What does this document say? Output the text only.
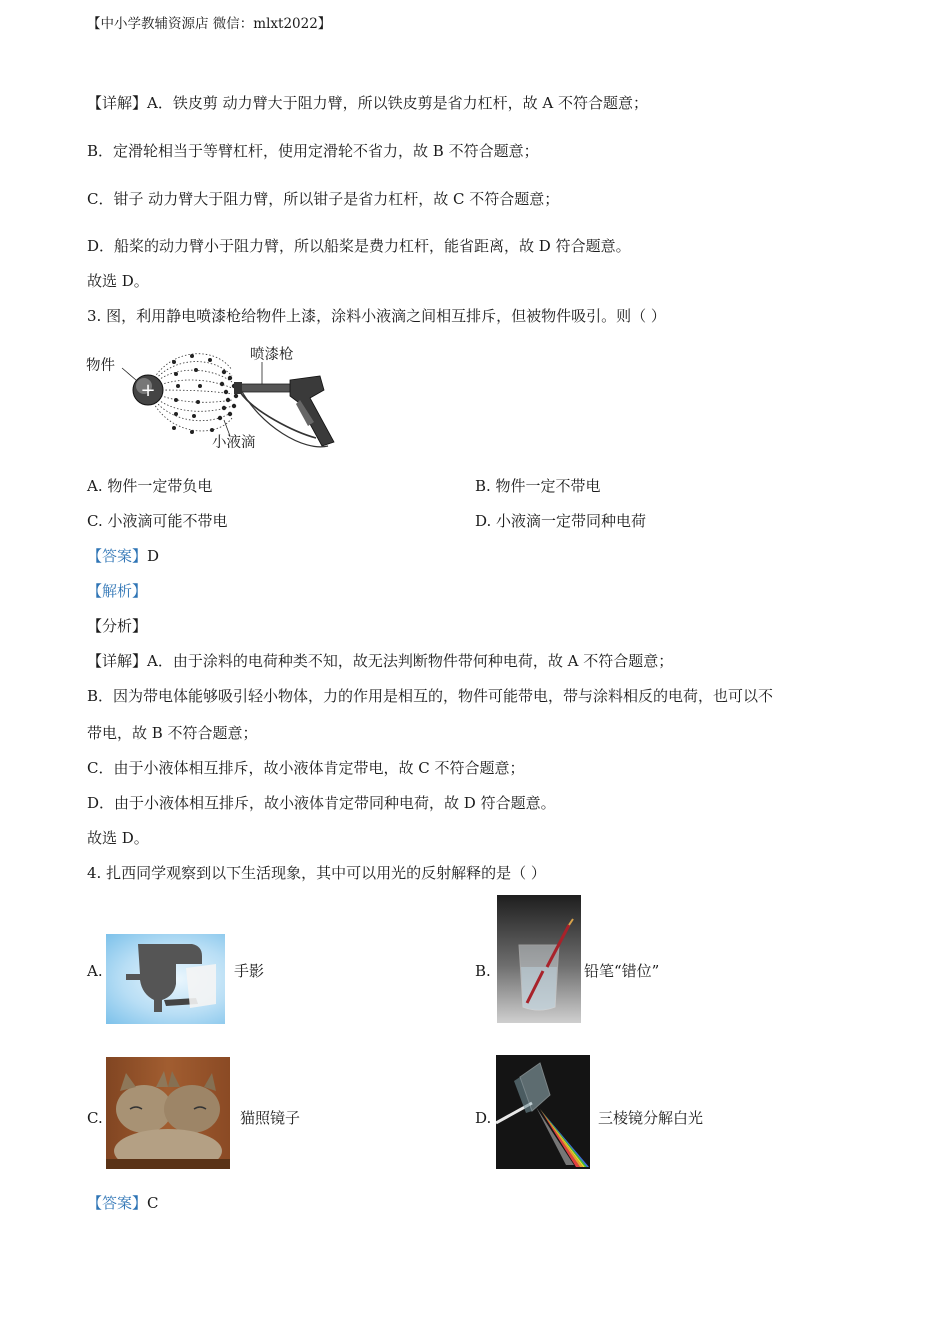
【中小学教辅资源店 微信：mlxt2022】
【详解】A．铁皮剪 动力臂大于阻力臂，所以铁皮剪是省力杠杆，故 A 不符合题意；
B．定滑轮相当于等臂杠杆，使用定滑轮不省力，故 B 不符合题意；
C．钳子 动力臂大于阻力臂，所以钳子是省力杠杆，故 C 不符合题意；
D．船桨的动力臂小于阻力臂，所以船桨是费力杠杆，能省距离，故 D 符合题意。
故选 D。
3. 图，利用静电喷漆枪给物件上漆，涂料小液滴之间相互排斥，但被物件吸引。则（ ）
+
物件
喷漆枪
小液滴
A. 物件一定带负电	B. 物件一定不带电
C. 小液滴可能不带电	D. 小液滴一定带同种电荷
【答案】D
【解析】
【分析】
【详解】A．由于涂料的电荷种类不知，故无法判断物件带何种电荷，故 A 不符合题意；
B．因为带电体能够吸引轻小物体，力的作用是相互的，物件可能带电，带与涂料相反的电荷，也可以不
带电，故 B 不符合题意；
C．由于小液体相互排斥，故小液体肯定带电，故 C 不符合题意；
D．由于小液体相互排斥，故小液体肯定带同种电荷，故 D 符合题意。
故选 D。
4. 扎西同学观察到以下生活现象，其中可以用光的反射解释的是（ ）
A.	手影	B.	铅笔“错位”
C.	猫照镜子	D.	三棱镜分解白光
【答案】C
